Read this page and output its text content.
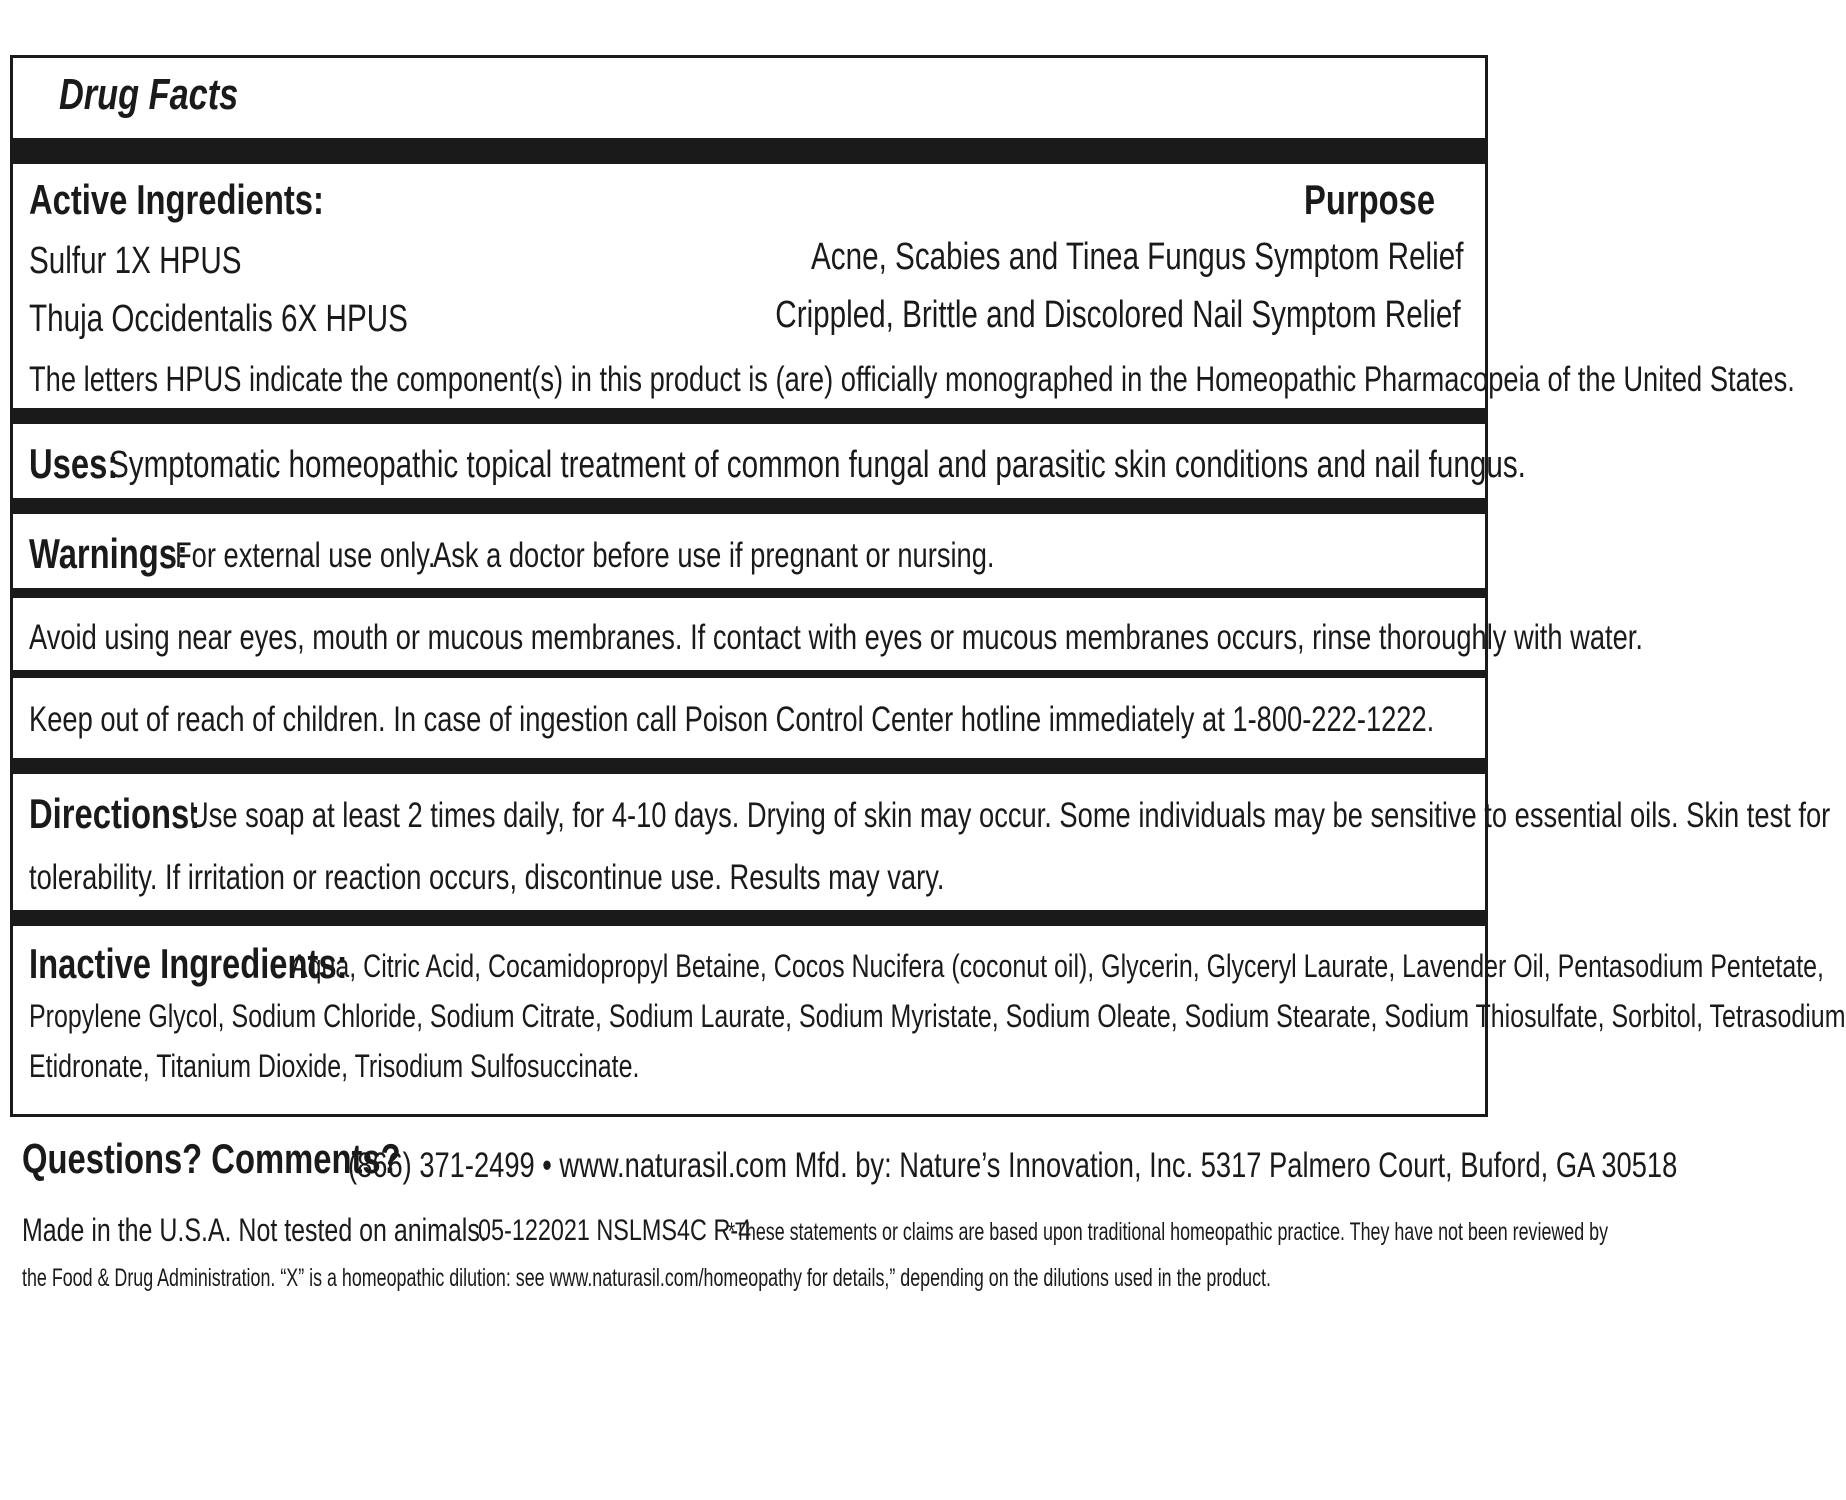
Drug Facts
Active Ingredients:	Purpose
Sulfur 1X HPUS	Acne, Scabies and Tinea Fungus Symptom Relief
Thuja Occidentalis 6X HPUS	Crippled, Brittle and Discolored Nail Symptom Relief
The letters HPUS indicate the component(s) in this product is (are) officially monographed in the Homeopathic Pharmacopeia of the United States.
Uses:
Symptomatic homeopathic topical treatment of common fungal and parasitic skin conditions and nail fungus.
Warnings:
For external use only.
Ask a doctor before use if pregnant or nursing.
Avoid using near eyes, mouth or mucous membranes. If contact with eyes or mucous membranes occurs, rinse thoroughly with water.
Keep out of reach of children. In case of ingestion call Poison Control Center hotline immediately at 1-800-222-1222.
Directions:
Use soap at least 2 times daily, for 4-10 days. Drying of skin may occur. Some individuals may be sensitive to essential oils. Skin test for
tolerability. If irritation or reaction occurs, discontinue use. Results may vary.
Inactive Ingredients:
Aqua, Citric Acid, Cocamidopropyl Betaine, Cocos Nucifera (coconut oil), Glycerin, Glyceryl Laurate, Lavender Oil, Pentasodium Pentetate,
Propylene Glycol, Sodium Chloride, Sodium Citrate, Sodium Laurate, Sodium Myristate, Sodium Oleate, Sodium Stearate, Sodium Thiosulfate, Sorbitol, Tetrasodium
Etidronate, Titanium Dioxide, Trisodium Sulfosuccinate.
Questions? Comments?
(866) 371-2499 • www.naturasil.com Mfd. by: Nature’s Innovation, Inc. 5317 Palmero Court, Buford, GA 30518
Made in the U.S.A. Not tested on animals.
05-122021 NSLMS4C R-4
*These statements or claims are based upon traditional homeopathic practice. They have not been reviewed by
the Food & Drug Administration. “X” is a homeopathic dilution: see www.naturasil.com/homeopathy for details,” depending on the dilutions used in the product.
